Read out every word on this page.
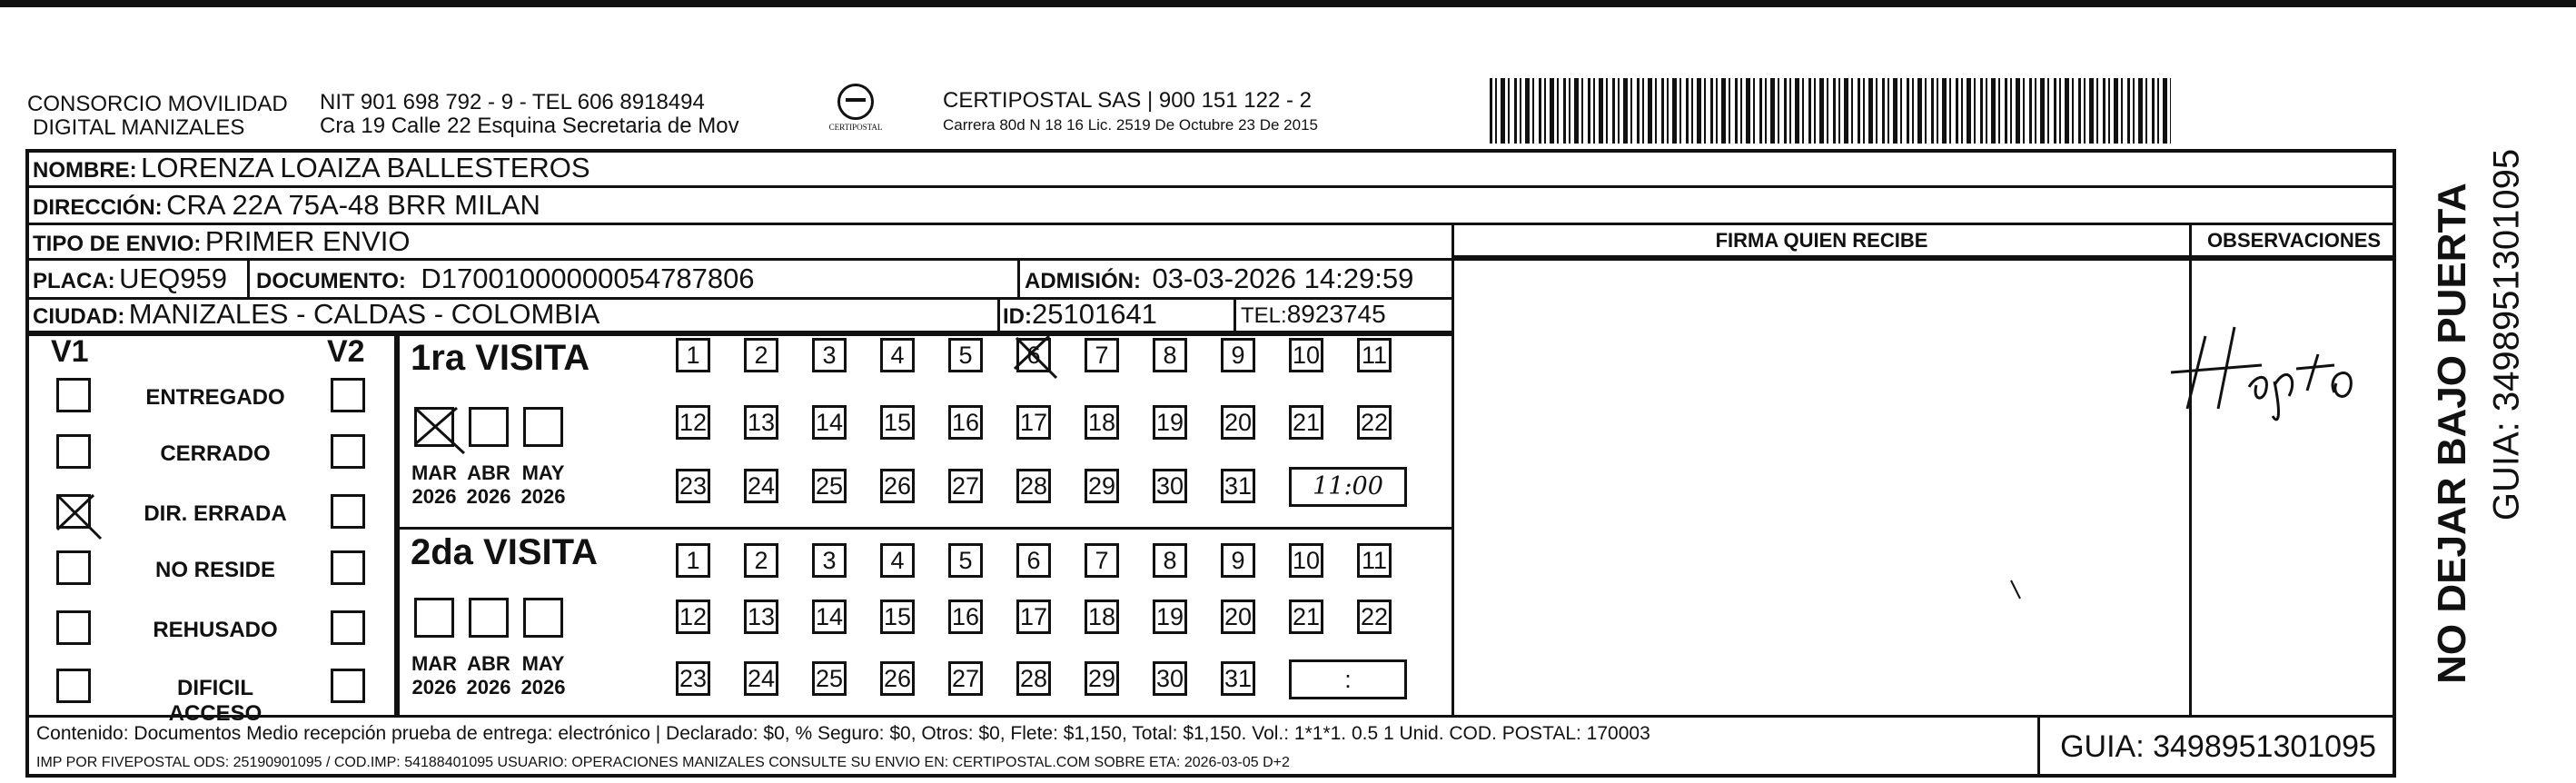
CONSORCIO MOVILIDAD
DIGITAL MANIZALES
NIT 901 698 792 - 9 - TEL 606 8918494
Cra 19 Calle 22 Esquina Secretaria de Mov	CERTIPOSTAL
CERTIPOSTAL SAS | 900 151 122 - 2
Carrera 80d N 18 16 Lic. 2519 De Octubre 23 De 2015
NOMBRE: LORENZA LOAIZA BALLESTEROS
DIRECCIÓN: CRA 22A 75A-48 BRR MILAN
TIPO DE ENVIO: PRIMER ENVIO
PLACA: UEQ959 DOCUMENTO: D17001000000054787806	ADMISIÓN: 03-03-2026 14:29:59
CIUDAD: MANIZALES - CALDAS - COLOMBIA	ID:25101641	TEL:8923745
FIRMA QUIEN RECIBE	OBSERVACIONES
Hapto
V1	V2
ENTREGADO
CERRADO
DIR. ERRADA
NO RESIDE
REHUSADO
DIFICIL ACCESO
1ra VISITA
2da VISITA
MAR
2026
ABR
2026
MAY
2026
MAR
2026
ABR
2026
MAY
2026
1	2	3	4	5	6	7	8	9	10 11
12 13 14 15 16 17 18 19 20 21 22
23 24 25 26 27 28 29 30 31	11:00
1	2	3	4	5	6	7	8	9	10 11
12 13 14 15 16 17 18 19 20 21 22
23 24 25 26 27 28 29 30 31	:
Contenido: Documentos Medio recepción prueba de entrega: electrónico | Declarado: $0, % Seguro: $0, Otros: $0, Flete: $1,150, Total: $1,150. Vol.: 1*1*1. 0.5 1 Unid. COD. POSTAL: 170003
IMP POR FIVEPOSTAL ODS: 25190901095 / COD.IMP: 54188401095 USUARIO: OPERACIONES MANIZALES CONSULTE SU ENVIO EN: CERTIPOSTAL.COM SOBRE ETA: 2026-03-05 D+2	GUIA: 3498951301095
NO DEJAR BAJO PUERTA GUIA: 3498951301095
